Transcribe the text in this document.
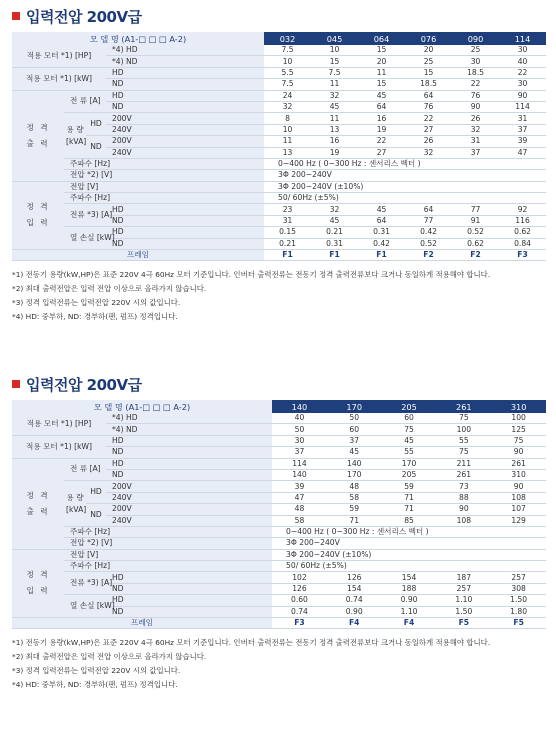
입력전압 200V급
모 델 명 (A1-□ □ □ A-2)				032	045	064	076	090	114
적용 모터 *1) [HP]			*4) HD	7.5	10	15	20	25	30
			*4) ND	10	15	20	25	30	40
적용 모터 *1) [kW]			HD	5.5	7.5	11	15	18.5	22
			ND	7.5	11	15	18.5	22	30
정 격
출 력	전 류 [A]		HD	24	32	45	64	76	90
			ND	32	45	64	76	90	114
	용 량
[kVA]	HD	200V	8	11	16	22	26	31
			240V	10	13	19	27	32	37
		ND	200V	11	16	22	26	31	39
			240V	13	19	27	32	37	47
	주파수 [Hz]			0~400 Hz ( 0~300 Hz : 센서리스 벡터 )					
	전압 *2) [V]			3Φ 200~240V					
정 격
입 력	전압 [V]			3Φ 200~240V (±10%)					
	주파수 [Hz]			50/ 60Hz (±5%)					
	전류 *3) [A]		HD	23	32	45	64	77	92
			ND	31	45	64	77	91	116
	열 손실 [kW]		HD	0.15	0.21	0.31	0.42	0.52	0.62
			ND	0.21	0.31	0.42	0.52	0.62	0.84
프레임				F1	F1	F1	F2	F2	F3
*1) 전동기 용량(kW,HP)은 표준 220V 4극 60Hz 모터 기준입니다. 인버터 출력전류는 전동기 정격 출력전류보다 크거나 동일하게 적용해야 합니다.
*2) 최대 출력전압은 입력 전압 이상으로 올라가지 않습니다.
*3) 정격 입력전류는 입력전압 220V 시의 값입니다.
*4) HD: 중부하, ND: 경부하(팬, 펌프) 정격입니다.
입력전압 200V급
모 델 명 (A1-□ □ □ A-2)				140	170	205	261	310
적용 모터 *1) [HP]			*4) HD	40	50	60	75	100
			*4) ND	50	60	75	100	125
적용 모터 *1) [kW]			HD	30	37	45	55	75
			ND	37	45	55	75	90
정 격
출 력	전 류 [A]		HD	114	140	170	211	261
			ND	140	170	205	261	310
	용 량
[kVA]	HD	200V	39	48	59	73	90
			240V	47	58	71	88	108
		ND	200V	48	59	71	90	107
			240V	58	71	85	108	129
	주파수 [Hz]			0~400 Hz ( 0~300 Hz : 센서리스 벡터 )				
	전압 *2) [V]			3Φ 200~240V				
정 격
입 력	전압 [V]			3Φ 200~240V (±10%)				
	주파수 [Hz]			50/ 60Hz (±5%)				
	전류 *3) [A]		HD	102	126	154	187	257
			ND	126	154	188	257	308
	열 손실 [kW]		HD	0.60	0.74	0.90	1.10	1.50
			ND	0.74	0.90	1.10	1.50	1.80
프레임				F3	F4	F4	F5	F5
*1) 전동기 용량(kW,HP)은 표준 220V 4극 60Hz 모터 기준입니다. 인버터 출력전류는 전동기 정격 출력전류보다 크거나 동일하게 적용해야 합니다.
*2) 최대 출력전압은 입력 전압 이상으로 올라가지 않습니다.
*3) 정격 입력전류는 입력전압 220V 시의 값입니다.
*4) HD: 중부하, ND: 경부하(팬, 펌프) 정격입니다.
